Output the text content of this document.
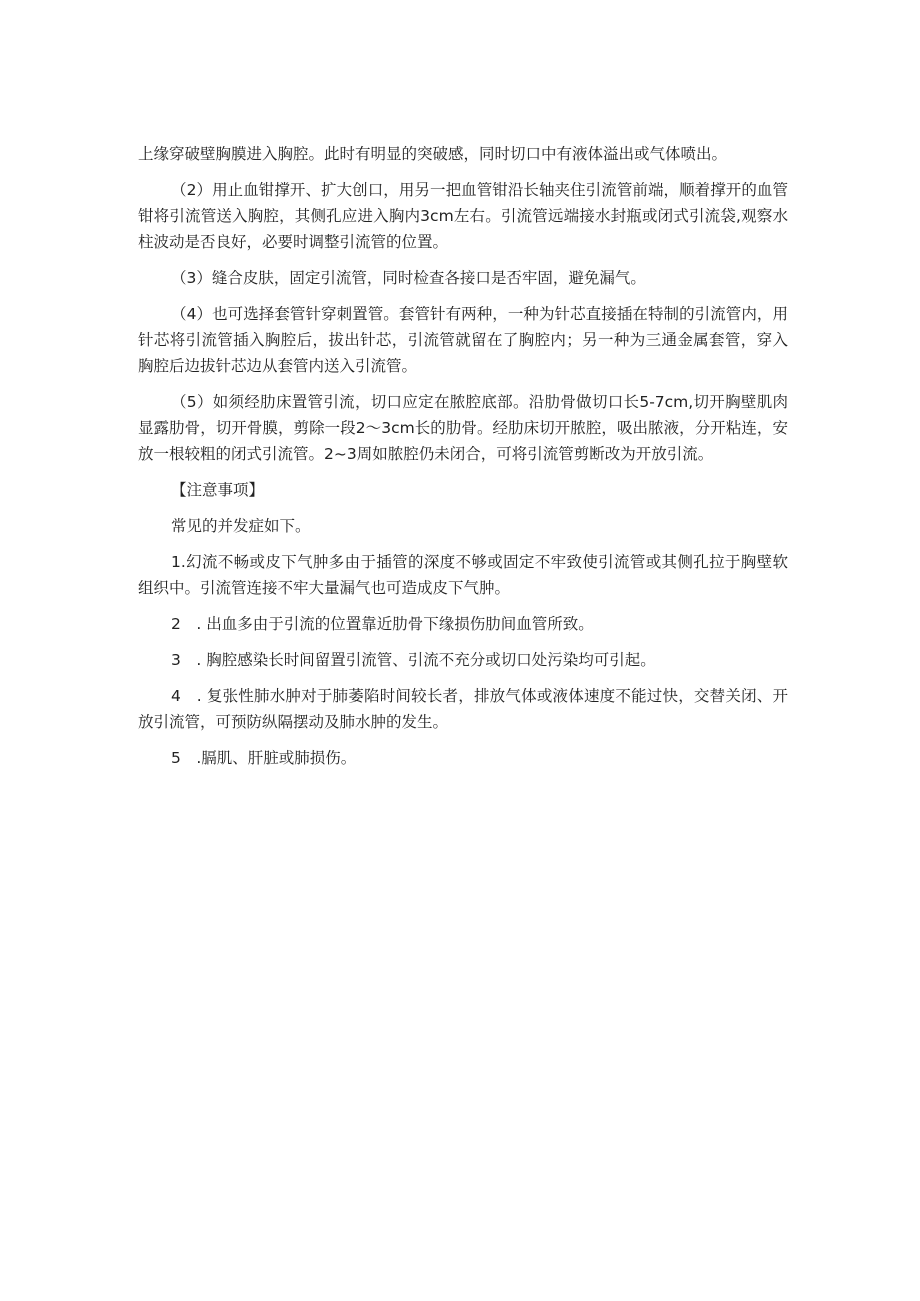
上缘穿破壁胸膜进入胸腔。此时有明显的突破感，同时切口中有液体溢出或气体喷出。

（2）用止血钳撑开、扩大创口，用另一把血管钳沿长轴夹住引流管前端，顺着撑开的血管钳将引流管送入胸腔，其侧孔应进入胸内3cm左右。引流管远端接水封瓶或闭式引流袋,观察水柱波动是否良好，必要时调整引流管的位置。

（3）缝合皮肤，固定引流管，同时检查各接口是否牢固，避免漏气。

（4）也可选择套管针穿刺置管。套管针有两种，一种为针芯直接插在特制的引流管内，用针芯将引流管插入胸腔后，拔出针芯，引流管就留在了胸腔内；另一种为三通金属套管，穿入胸腔后边拔针芯边从套管内送入引流管。

（5）如须经肋床置管引流，切口应定在脓腔底部。沿肋骨做切口长5-7cm,切开胸壁肌肉显露肋骨，切开骨膜，剪除一段2～3cm长的肋骨。经肋床切开脓腔，吸出脓液，分开粘连，安放一根较粗的闭式引流管。2~3周如脓腔仍未闭合，可将引流管剪断改为开放引流。

【注意事项】

常见的并发症如下。

1.幻流不畅或皮下气肿多由于插管的深度不够或固定不牢致使引流管或其侧孔拉于胸壁软组织中。引流管连接不牢大量漏气也可造成皮下气肿。

2　. 出血多由于引流的位置靠近肋骨下缘损伤肋间血管所致。

3　. 胸腔感染长时间留置引流管、引流不充分或切口处污染均可引起。

4　. 复张性肺水肿对于肺萎陷时间较长者，排放气体或液体速度不能过快，交替关闭、开放引流管，可预防纵隔摆动及肺水肿的发生。

5　.膈肌、肝脏或肺损伤。
